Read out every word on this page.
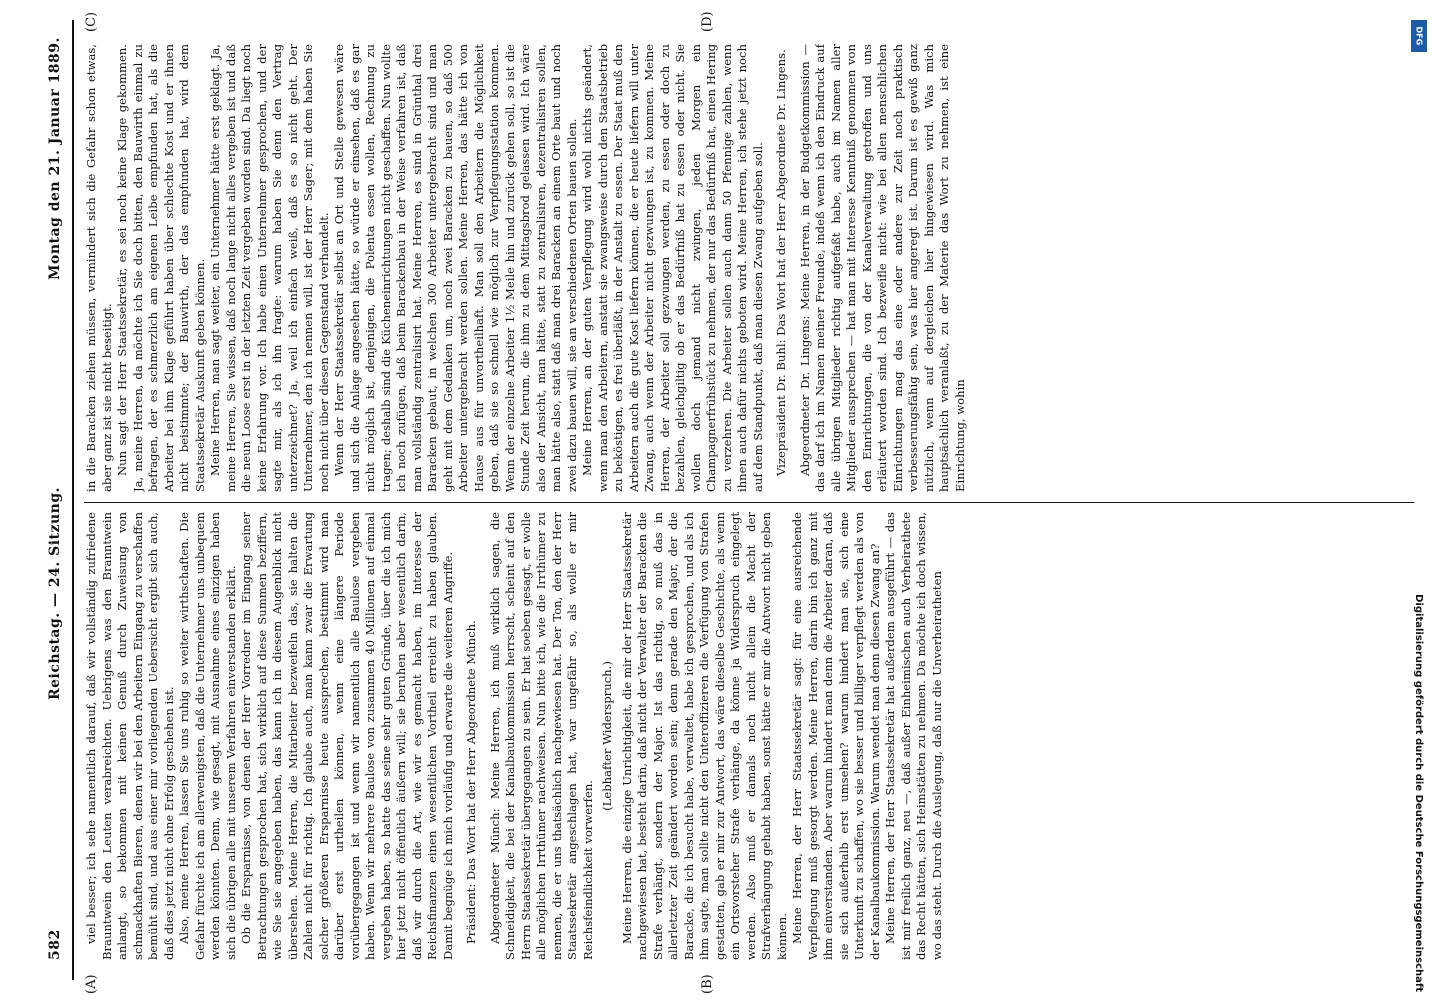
582
Reichstag. — 24. Sitzung.
Montag den 21. Januar 1889.
(A)	(B)
(C)	(D)

viel besser; ich sehe namentlich darauf, daß wir vollständig zufriedene Brauntwein den Leuten verabreichten. Uebrigens was den Branntwein anlangt, so bekommen mit keinen Genuß durch Zuweisung von schmackhaften Bieren, denen wir bei den Arbeitern Eingang zu verschaffen bemüht sind, und aus einer mir vorliegenden Uebersicht ergibt sich auch, daß dies jetzt nicht ohne Erfolg geschehen ist. Also, meine Herren, lassen Sie uns ruhig so weiter wirthschaften. Die Gefahr fürchte ich am allerwenigsten, daß die Unternehmer uns unbequem werden könnten. Denn, wie gesagt, mit Ausnahme eines einzigen haben sich die übrigen alle mit unserem Verfahren einverstanden erklärt. Ob die Ersparnisse, von denen der Herr Vorredner im Eingang seiner Betrachtungen gesprochen hat, sich wirklich auf diese Summen beziffern, wie Sie sie angegeben haben, das kann ich in diesem Augenblick nicht übersehen. Meine Herren, die Mitarbeiter bezweifeln das, sie halten die Zahlen nicht für richtig. Ich glaube auch, man kann zwar die Erwartung solcher größeren Ersparnisse heute aussprechen, bestimmt wird man darüber erst urtheilen können, wenn eine längere Periode vorübergegangen ist und wenn wir namentlich alle Baulose vergeben haben. Wenn wir mehrere Baulose von zusammen 40 Millionen auf einmal vergeben haben, so hatte das seine sehr guten Gründe, über die ich mich hier jetzt nicht öffentlich äußern will; sie beruhen aber wesentlich darin, daß wir durch die Art, wie wir es gemacht haben, im Interesse der Reichsfinanzen einen wesentlichen Vortheil erreicht zu haben glauben. Damit begnüge ich mich vorläufig und erwarte die weiteren Angriffe. Präsident: Das Wort hat der Herr Abgeordnete Münch. Abgeordneter Münch: Meine Herren, ich muß wirklich sagen, die Schneidigkeit, die bei der Kanalbaukommission herrscht, scheint auf den Herrn Staatssekretär übergegangen zu sein. Er hat soeben gesagt, er wolle alle möglichen Irrthümer nachweisen. Nun bitte ich, wie die Irrthümer zu nennen, die er uns thatsächlich nachgewiesen hat. Der Ton, den der Herr Staatssekretär angeschlagen hat, war ungefähr so, als wolle er mir Reichsfeindlichkeit vorwerfen.

(Lebhafter Widerspruch.) Meine Herren, die einzige Unrichtigkeit, die mir der Herr Staatssekretär nachgewiesen hat, besteht darin, daß nicht der Verwalter der Baracken die Strafe verhängt, sondern der Major. Ist das richtig, so muß das in allerletzter Zeit geändert worden sein; denn gerade den Major, der die Baracke, die ich besucht habe, verwaltet, habe ich gesprochen, und als ich ihm sagte, man sollte nicht den Unteroffizieren die Verfügung von Strafen gestatten, gab er mir zur Antwort, das wäre dieselbe Geschichte, als wenn ein Ortsvorsteher Strafe verhänge, da könne ja Widerspruch eingelegt werden. Also muß er damals noch nicht allein die Macht der Strafverhängung gehabt haben, sonst hätte er mir die Antwort nicht geben können. Meine Herren, der Herr Staatssekretär sagt: für eine ausreichende Verpflegung muß gesorgt werden. Meine Herren, darin bin ich ganz mit ihm einverstanden. Aber warum hindert man denn die Arbeiter daran, daß sie sich außerhalb erst umsehen? warum hindert man sie, sich eine Unterkunft zu schaffen, wo sie besser und billiger verpflegt werden als von der Kanalbaukommission. Warum wendet man denn diesen Zwang an? Meine Herren, der Herr Staatssekretär hat außerdem ausgeführt — das ist mir freilich ganz, neu —, daß außer Einheimischen auch Verheirathete das Recht hätten, sich Heimstätten zu nehmen. Da möchte ich doch wissen, wo das steht. Durch die Auslegung, daß nur die Unverheiratheten

in die Baracken ziehen müssen, vermindert sich die Gefahr schon etwas, aber ganz ist sie nicht beseitigt. Nun sagt der Herr Staatssekretär, es sei noch keine Klage gekommen. Ja, meine Herren, da möchte ich Sie doch bitten, den Bauwirth einmal zu befragen, der es schmerzlich am eigenen Leibe empfunden hat, als die Arbeiter bei ihm Klage geführt haben über schlechte Kost und er ihnen nicht beistimmte; der Bauwirth, der das empfunden hat, wird dem Staatssekretär Auskunft geben können. Meine Herren, man sagt weiter, ein Unternehmer hätte erst geklagt. Ja, meine Herren, Sie wissen, daß noch lange nicht alles vergeben ist und daß die neun Loose erst in der letzten Zeit vergeben worden sind. Da liegt noch keine Erfahrung vor. Ich habe einen Unternehmer gesprochen, und der sagte mir, als ich ihn fragte: warum haben Sie denn den Vertrag unterzeichnet? Ja, weil ich einfach weiß, daß es so nicht geht. Der Unternehmer, den ich nennen will, ist der Herr Sager; mit dem haben Sie noch nicht über diesen Gegenstand verhandelt. Wenn der Herr Staatssekretär selbst an Ort und Stelle gewesen wäre und sich die Anlage angesehen hätte, so würde er einsehen, daß es gar nicht möglich ist, denjenigen, die Polenta essen wollen, Rechnung zu tragen; deshalb sind die Kücheneinrichtungen nicht geschaffen. Nun wollte ich noch zufügen, daß beim Barackenbau in der Weise verfahren ist, daß man vollständig zentralisirt hat. Meine Herren, es sind in Grünthal drei Baracken gebaut, in welchen 300 Arbeiter untergebracht sind und man geht mit dem Gedanken um, noch zwei Baracken zu bauen, so daß 500 Arbeiter untergebracht werden sollen. Meine Herren, das hätte ich von Hause aus für unvortheilhaft. Man soll den Arbeitern die Möglichkeit geben, daß sie so schnell wie möglich zur Verpflegungsstation kommen. Wenn der einzelne Arbeiter 1½ Meile hin und zurück gehen soll, so ist die Stunde Zeit herum, die ihm zu dem Mittagsbrod gelassen wird. Ich wäre also der Ansicht, man hätte, statt zu zentralisiren, dezentralisiren sollen, man hätte also, statt daß man drei Baracken an einem Orte baut und noch zwei dazu bauen will, sie an verschiedenen Orten bauen sollen. Meine Herren, an der guten Verpflegung wird wohl nichts geändert, wenn man den Arbeitern, anstatt sie zwangsweise durch den Staatsbetrieb zu beköstigen, es frei überläßt, in der Anstalt zu essen. Der Staat muß den Arbeitern auch die gute Kost liefern können, die er heute liefern will unter Zwang, auch wenn der Arbeiter nicht gezwungen ist, zu kommen. Meine Herren, der Arbeiter soll gezwungen werden, zu essen oder doch zu bezahlen, gleichgiltig ob er das Bedürfniß hat zu essen oder nicht. Sie wollen doch jemand nicht zwingen, jeden Morgen ein Champagnerfrühstück zu nehmen, der nur das Bedürfniß hat, einen Hering zu verzehren. Die Arbeiter sollen auch dann 50 Pfennige zahlen, wenn ihnen auch dafür nichts geboten wird. Meine Herren, ich stehe jetzt noch auf dem Standpunkt, daß man diesen Zwang aufgeben soll. Vizepräsident Dr. Buhl: Das Wort hat der Herr Abgeordnete Dr. Lingens. Abgeordneter Dr. Lingens: Meine Herren, in der Budgetkommission — das darf ich im Namen meiner Freunde, indeß wenn ich den Eindruck auf alle übrigen Mitglieder richtig aufgefaßt habe, auch im Namen aller Mitglieder aussprechen — hat man mit Interesse Kenntniß genommen von den Einrichtungen, die von der Kanalverwaltung getroffen und uns erläutert worden sind. Ich bezweifle nicht: wie bei allen menschlichen Einrichtungen mag das eine oder andere zur Zeit noch praktisch verbesserungsfähig sein, was hier angeregt ist. Darum ist es gewiß ganz nützlich, wenn auf dergleichen hier hingewiesen wird. Was mich hauptsächlich veranlaßt, zu der Materie das Wort zu nehmen, ist eine Einrichtung, wohin

Digitalisierung gefördert durch die Deutsche Forschungsgemeinschaft
DFG
